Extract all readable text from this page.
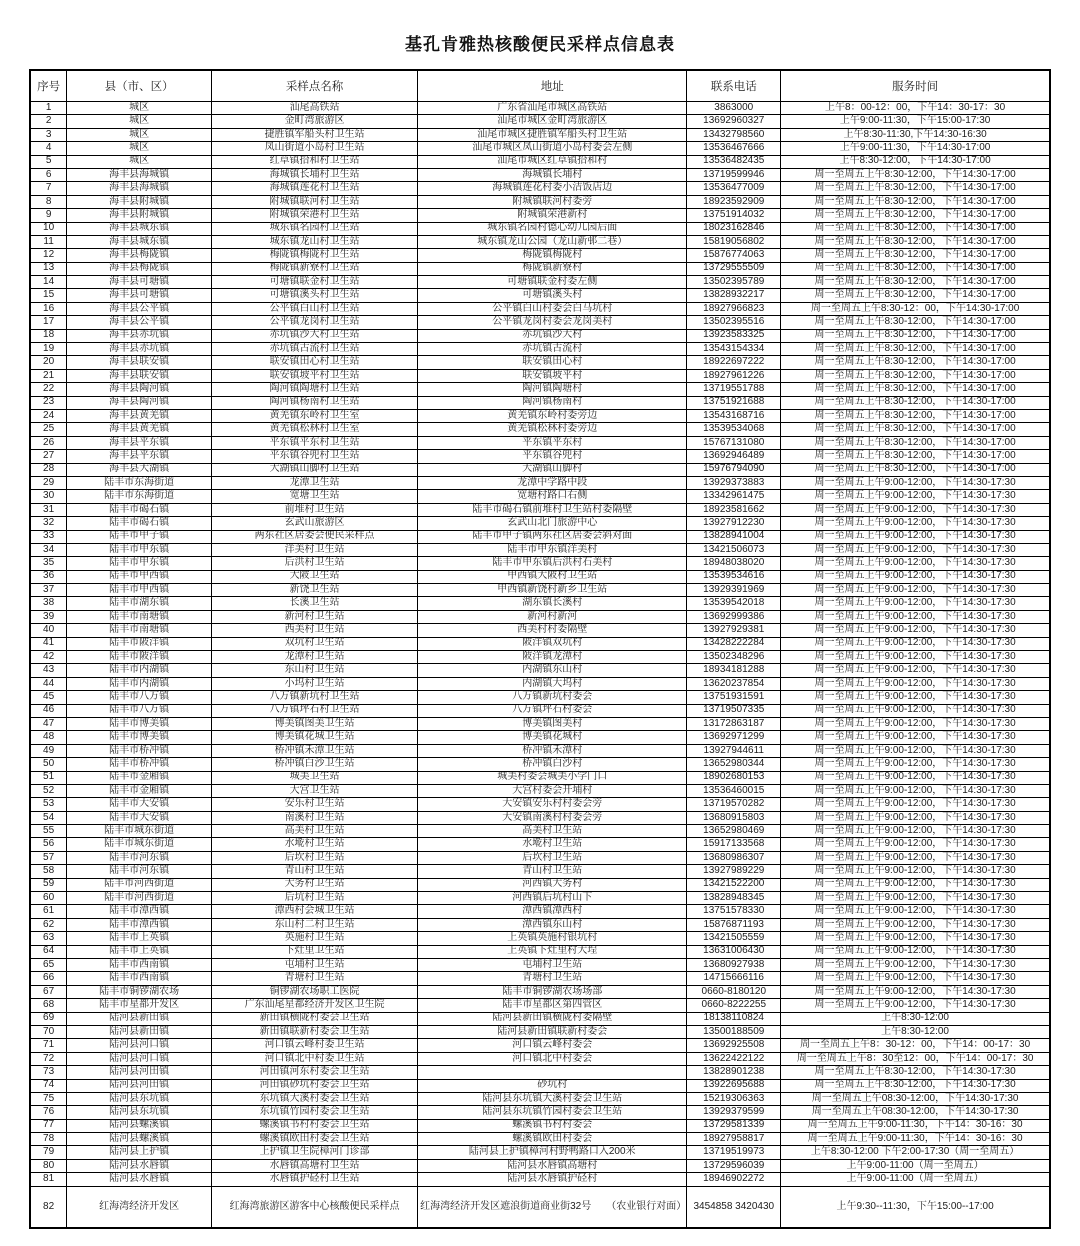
基孔肯雅热核酸便民采样点信息表
序号	县（市、区）	采样点名称	地址	联系电话	服务时间
1	城区	汕尾高铁站	广东省汕尾市城区高铁站	3863000	上午8：00-12：00，下午14：30-17：30
2	城区	金町湾旅游区	汕尾市城区金町湾旅游区	13692960327	上午9:00-11:30，下午15:00-17:30
3	城区	捷胜镇军船头村卫生站	汕尾市城区捷胜镇军船头村卫生站	13432798560	上午8:30-11:30,下午14:30-16:30
4	城区	凤山街道小岛村卫生站	汕尾市城区凤山街道小岛村委会左侧	13536467666	上午9:00-11:30，下午14:30-17:00
5	城区	红草镇拾和村卫生站	汕尾市城区红草镇拾和村	13536482435	上午8:30-12:00，下午14:30-17:00
6	海丰县海城镇	海城镇长埔村卫生站	海城镇长埔村	13719599946	周一至周五上午8:30-12:00，下午14:30-17:00
7	海丰县海城镇	海城镇莲花村卫生站	海城镇莲花村委小洁饭店边	13536477009	周一至周五上午8:30-12:00，下午14:30-17:00
8	海丰县附城镇	附城镇联河村卫生站	附城镇联河村委旁	18923592909	周一至周五上午8:30-12:00，下午14:30-17:00
9	海丰县附城镇	附城镇荣港村卫生站	附城镇荣港新村	13751914032	周一至周五上午8:30-12:00，下午14:30-17:00
10	海丰县城东镇	城东镇名园村卫生站	城东镇名园村德心幼儿园后面	18023162846	周一至周五上午8:30-12:00，下午14:30-17:00
11	海丰县城东镇	城东镇龙山村卫生站	城东镇龙山公园（龙山新邨二巷）	15819056802	周一至周五上午8:30-12:00，下午14:30-17:00
12	海丰县梅陇镇	梅陇镇梅陇村卫生站	梅陇镇梅陇村	15876774063	周一至周五上午8:30-12:00，下午14:30-17:00
13	海丰县梅陇镇	梅陇镇新寮村卫生站	梅陇镇新寮村	13729555509	周一至周五上午8:30-12:00，下午14:30-17:00
14	海丰县可塘镇	可塘镇联金村卫生站	可塘镇联金村委左侧	13502395789	周一至周五上午8:30-12:00，下午14:30-17:00
15	海丰县可塘镇	可塘镇溪头村卫生站	可塘镇溪头村	13828932217	周一至周五上午8:30-12:00，下午14:30-17:00
16	海丰县公平镇	公平镇白山村卫生站	公平镇白山村委会白马坑村	18927966823	周一至周五上午8:30-12：00，下午14:30-17:00
17	海丰县公平镇	公平镇龙岗村卫生站	公平镇龙岗村委会龙岗美村	13502395516	周一至周五上午8:30-12:00，下午14:30-17:00
18	海丰县赤坑镇	赤坑镇沙大村卫生站	赤坑镇沙大村	13923583325	周一至周五上午8:30-12:00，下午14:30-17:00
19	海丰县赤坑镇	赤坑镇古流村卫生站	赤坑镇古流村	13543154334	周一至周五上午8:30-12:00，下午14:30-17:00
20	海丰县联安镇	联安镇田心村卫生站	联安镇田心村	18922697222	周一至周五上午8:30-12:00，下午14:30-17:00
21	海丰县联安镇	联安镇坡平村卫生站	联安镇坡平村	18927961226	周一至周五上午8:30-12:00，下午14:30-17:00
22	海丰县陶河镇	陶河镇陶塘村卫生站	陶河镇陶塘村	13719551788	周一至周五上午8:30-12:00，下午14:30-17:00
23	海丰县陶河镇	陶河镇杨南村卫生站	陶河镇杨南村	13751921688	周一至周五上午8:30-12:00，下午14:30-17:00
24	海丰县黄羌镇	黄羌镇东岭村卫生室	黄羌镇东岭村委旁边	13543168716	周一至周五上午8:30-12:00，下午14:30-17:00
25	海丰县黄羌镇	黄羌镇松林村卫生室	黄羌镇松林村委旁边	13539534068	周一至周五上午8:30-12:00，下午14:30-17:00
26	海丰县平东镇	平东镇平东村卫生站	平东镇平东村	15767131080	周一至周五上午8:30-12:00，下午14:30-17:00
27	海丰县平东镇	平东镇谷兜村卫生站	平东镇谷兜村	13692946489	周一至周五上午8:30-12:00，下午14:30-17:00
28	海丰县大湖镇	大湖镇山脚村卫生站	大湖镇山脚村	15976794090	周一至周五上午8:30-12:00，下午14:30-17:00
29	陆丰市东海街道	龙潭卫生站	龙潭中学路中段	13929373883	周一至周五上午9:00-12:00，下午14:30-17:30
30	陆丰市东海街道	宽塘卫生站	宽塘村路口右侧	13342961475	周一至周五上午9:00-12:00，下午14:30-17:30
31	陆丰市碣石镇	前堆村卫生站	陆丰市碣石镇前堆村卫生站村委隔壁	18923581662	周一至周五上午9:00-12:00，下午14:30-17:30
32	陆丰市碣石镇	玄武山旅游区	玄武山北门旅游中心	13927912230	周一至周五上午9:00-12:00，下午14:30-17:30
33	陆丰市甲子镇	两东社区居委会便民采样点	陆丰市甲子镇两东社区居委会斜对面	13828941004	周一至周五上午9:00-12:00，下午14:30-17:30
34	陆丰市甲东镇	洋美村卫生站	陆丰市甲东镇洋美村	13421506073	周一至周五上午9:00-12:00，下午14:30-17:30
35	陆丰市甲东镇	后洪村卫生站	陆丰市甲东镇后洪村石美村	18948038020	周一至周五上午9:00-12:00，下午14:30-17:30
36	陆丰市甲西镇	大陂卫生站	甲西镇大陂村卫生站	13539534616	周一至周五上午9:00-12:00，下午14:30-17:30
37	陆丰市甲西镇	新饶卫生站	甲西镇新饶村新乡卫生站	13929391969	周一至周五上午9:00-12:00，下午14:30-17:30
38	陆丰市湖东镇	长溪卫生站	湖东镇长溪村	13539542018	周一至周五上午9:00-12:00，下午14:30-17:30
39	陆丰市南塘镇	新河村卫生站	新河村新河	13692999386	周一至周五上午9:00-12:00，下午14:30-17:30
40	陆丰市南塘镇	西美村卫生站	西美村村委隔壁	13927929381	周一至周五上午9:00-12:00，下午14:30-17:30
41	陆丰市陂洋镇	双坑村卫生站	陂洋镇双坑村	13428222284	周一至周五上午9:00-12:00，下午14:30-17:30
42	陆丰市陂洋镇	龙潭村卫生站	陂洋镇龙潭村	13502348296	周一至周五上午9:00-12:00，下午14:30-17:30
43	陆丰市内湖镇	东山村卫生站	内湖镇东山村	18934181288	周一至周五上午9:00-12:00，下午14:30-17:30
44	陆丰市内湖镇	小坞村卫生站	内湖镇大坞村	13620237854	周一至周五上午9:00-12:00，下午14:30-17:30
45	陆丰市八万镇	八万镇新坑村卫生站	八万镇新坑村委会	13751931591	周一至周五上午9:00-12:00，下午14:30-17:30
46	陆丰市八万镇	八万镇坪石村卫生站	八万镇坪石村委会	13719507335	周一至周五上午9:00-12:00，下午14:30-17:30
47	陆丰市博美镇	博美镇图美卫生站	博美镇图美村	13172863187	周一至周五上午9:00-12:00，下午14:30-17:30
48	陆丰市博美镇	博美镇花城卫生站	博美镇花城村	13692971299	周一至周五上午9:00-12:00，下午14:30-17:30
49	陆丰市桥冲镇	桥冲镇禾潭卫生站	桥冲镇禾潭村	13927944611	周一至周五上午9:00-12:00，下午14:30-17:30
50	陆丰市桥冲镇	桥冲镇白沙卫生站	桥冲镇白沙村	13652980344	周一至周五上午9:00-12:00，下午14:30-17:30
51	陆丰市金厢镇	城美卫生站	城美村委会城美小学门口	18902680153	周一至周五上午9:00-12:00，下午14:30-17:30
52	陆丰市金厢镇	大宫卫生站	大宫村委会开埔村	13536460015	周一至周五上午9:00-12:00，下午14:30-17:30
53	陆丰市大安镇	安乐村卫生站	大安镇安乐村村委会旁	13719570282	周一至周五上午9:00-12:00，下午14:30-17:30
54	陆丰市大安镇	南溪村卫生站	大安镇南溪村村委会旁	13680915803	周一至周五上午9:00-12:00，下午14:30-17:30
55	陆丰市城东街道	高美村卫生站	高美村卫生站	13652980469	周一至周五上午9:00-12:00，下午14:30-17:30
56	陆丰市城东街道	水墘村卫生站	水墘村卫生站	15917133568	周一至周五上午9:00-12:00，下午14:30-17:30
57	陆丰市河东镇	后坎村卫生站	后坎村卫生站	13680986307	周一至周五上午9:00-12:00，下午14:30-17:30
58	陆丰市河东镇	青山村卫生站	青山村卫生站	13927989229	周一至周五上午9:00-12:00，下午14:30-17:30
59	陆丰市河西街道	大务村卫生站	河西镇大务村	13421522200	周一至周五上午9:00-12:00，下午14:30-17:30
60	陆丰市河西街道	后坑村卫生站	河西镇后坑村山下	13828948345	周一至周五上午9:00-12:00，下午14:30-17:30
61	陆丰市潭西镇	潭西村会城卫生站	潭西镇潭西村	13751578330	周一至周五上午9:00-12:00，下午14:30-17:30
62	陆丰市潭西镇	东山村二村卫生站	潭西镇东山村	15876871193	周一至周五上午9:00-12:00，下午14:30-17:30
63	陆丰市上英镇	英施村卫生站	上英镇英施村银坑村	13421505559	周一至周五上午9:00-12:00，下午14:30-17:30
64	陆丰市上英镇	下灶里卫生站	上英镇下灶里村大埕	13631006430	周一至周五上午9:00-12:00，下午14:30-17:30
65	陆丰市西南镇	屯埔村卫生站	屯埔村卫生站	13680927938	周一至周五上午9:00-12:00，下午14:30-17:30
66	陆丰市西南镇	青塘村卫生站	青塘村卫生站	14715666116	周一至周五上午9:00-12:00，下午14:30-17:30
67	陆丰市铜锣湖农场	铜锣湖农场职工医院	陆丰市铜锣湖农场场部	0660-8180120	周一至周五上午9:00-12:00，下午14:30-17:30
68	陆丰市星都开发区	广东汕尾星都经济开发区卫生院	陆丰市星都区第四管区	0660-8222255	周一至周五上午9:00-12:00，下午14:30-17:30
69	陆河县新田镇	新田镇横陇村委会卫生站	陆河县新田镇横陇村委隔壁	18138110824	上午8:30-12:00
70	陆河县新田镇	新田镇联新村委会卫生站	陆河县新田镇联新村委会	13500188509	上午8:30-12:00
71	陆河县河口镇	河口镇云峰村委卫生站	河口镇云峰村委会	13692925508	周一至周五上午8：30-12：00，下午14：00-17：30
72	陆河县河口镇	河口镇北中村委卫生站	河口镇北中村委会	13622422122	周一至周五上午8：30至12：00，下午14：00-17：30
73	陆河县河田镇	河田镇河东村委会卫生站		13828901238	周一至周五上午8:30-12:00，下午14:30-17:30
74	陆河县河田镇	河田镇砂坑村委会卫生站	砂坑村	13922695688	周一至周五上午8:30-12:00，下午14:30-17:30
75	陆河县东坑镇	东坑镇大溪村委会卫生站	陆河县东坑镇大溪村委会卫生站	15219306363	周一至周五上午08:30-12:00，下午14:30-17:30
76	陆河县东坑镇	东坑镇竹园村委会卫生站	陆河县东坑镇竹园村委会卫生站	13929379599	周一至周五上午08:30-12:00，下午14:30-17:30
77	陆河县螺溪镇	螺溪镇书村村委会卫生站	螺溪镇书村村委会	13729581339	周一至周五上午9:00-11:30，下午14：30-16：30
78	陆河县螺溪镇	螺溪镇欧田村委会卫生站	螺溪镇欧田村委会	18927958817	周一至周五上午9:00-11:30，下午14：30-16：30
79	陆河县上护镇	上护镇卫生院樟河门诊部	陆河县上护镇樟河村野鸭路口入200米	13719519973	上午8:30-12:00 下午2:00-17:30（周一至周五）
80	陆河县水唇镇	水唇镇高塘村卫生站	陆河县水唇镇高塘村	13729596039	上午9:00-11:00（周一至周五）
81	陆河县水唇镇	水唇镇护硁村卫生站	陆河县水唇镇护硁村	18946902272	上午9:00-11:00（周一至周五）
82	红海湾经济开发区	红海湾旅游区游客中心核酸便民采样点	红海湾经济开发区遮浪街道商业街32号　　（农业银行对面）	3454858 3420430	上午9:30--11:30，下午15:00--17:00
